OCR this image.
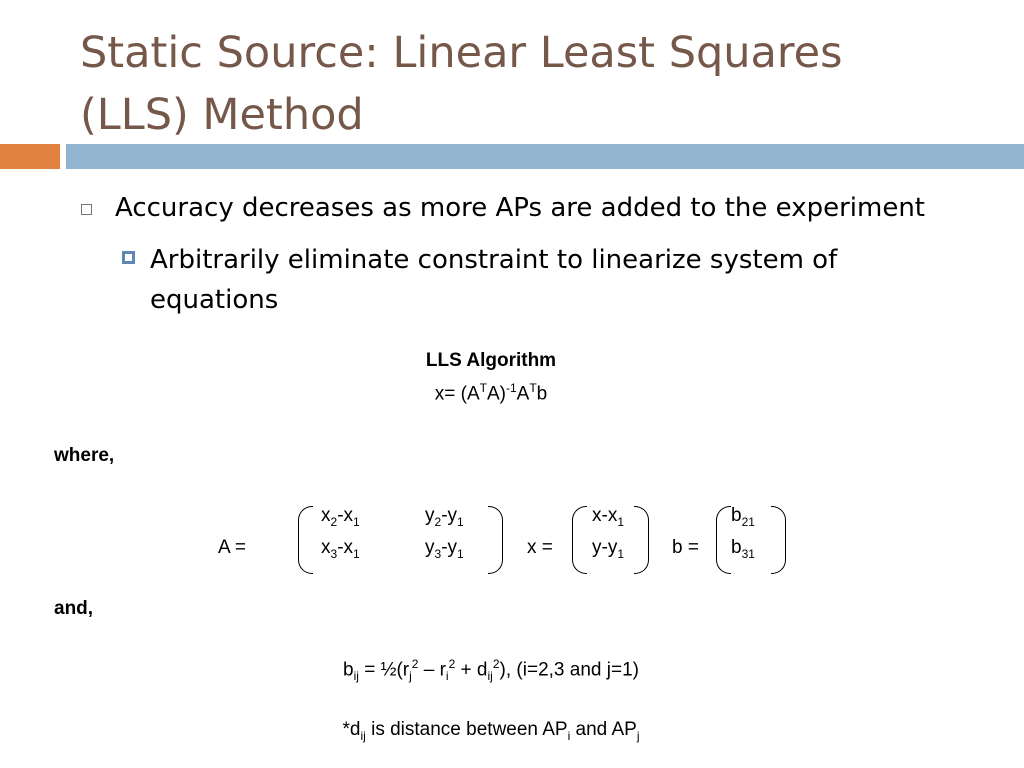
Static Source: Linear Least Squares
(LLS) Method
Accuracy decreases as more APs are added to the experiment
Arbitrarily eliminate constraint to linearize system of equations
LLS Algorithm
$x= (A^TA)^{-1}A^Tb$
where,
A =
$x_2-x_1$	$y_2-y_1$
$x_3-x_1$	$y_3-y_1$	x =
$x-x_1$
$y-y_1$	b =
$b_{21}$
$b_{31}$
and,
$b_{ij}$ = $\frac{1}{2}(r_j^2 - r_i^2 + d_{ij}^2)$, (i=2,3 and j=1)
$*d_{ij}$ is distance between $AP_i$ and $AP_j$
